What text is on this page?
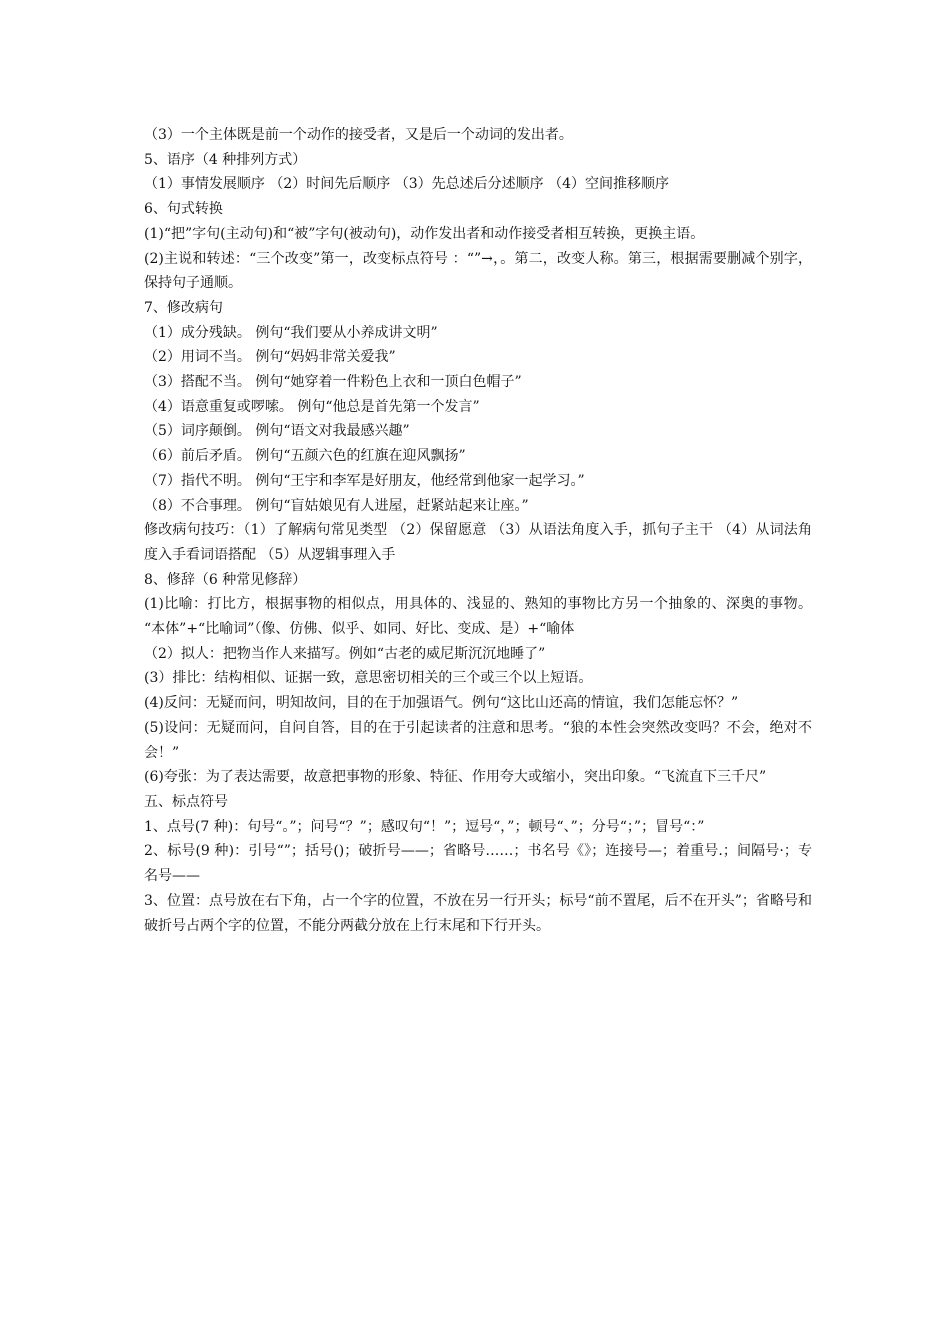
（3）一个主体既是前一个动作的接受者，又是后一个动词的发出者。

5、语序（4 种排列方式）

（1）事情发展顺序 （2）时间先后顺序 （3）先总述后分述顺序 （4）空间推移顺序

6、句式转换

(1)“把”字句(主动句)和“被”字句(被动句)，动作发出者和动作接受者相互转换，更换主语。

(2)主说和转述：“三个改变”第一，改变标点符号 ：“”→，。第二，改变人称。第三，根据需要删减个别字，保持句子通顺。

7、修改病句

（1）成分残缺。 例句“我们要从小养成讲文明”

（2）用词不当。 例句“妈妈非常关爱我”

（3）搭配不当。 例句“她穿着一件粉色上衣和一顶白色帽子”

（4）语意重复或啰嗦。 例句“他总是首先第一个发言”

（5）词序颠倒。 例句“语文对我最感兴趣”

（6）前后矛盾。 例句“五颜六色的红旗在迎风飘扬”

（7）指代不明。 例句“王宇和李军是好朋友，他经常到他家一起学习。”

（8）不合事理。 例句“盲姑娘见有人进屋，赶紧站起来让座。”

修改病句技巧：（1）了解病句常见类型 （2）保留愿意 （3）从语法角度入手，抓句子主干 （4）从词法角度入手看词语搭配 （5）从逻辑事理入手

8、修辞（6 种常见修辞）

(1)比喻：打比方，根据事物的相似点，用具体的、浅显的、熟知的事物比方另一个抽象的、深奥的事物。 “本体”+“比喻词”（像、仿佛、似乎、如同、好比、变成、是）+“喻体

（2）拟人：把物当作人来描写。例如“古老的威尼斯沉沉地睡了”

(3）排比：结构相似、证据一致，意思密切相关的三个或三个以上短语。

(4)反问：无疑而问，明知故问，目的在于加强语气。例句“这比山还高的情谊，我们怎能忘怀？”

(5)设问：无疑而问，自问自答，目的在于引起读者的注意和思考。“狼的本性会突然改变吗？不会，绝对不会！”

(6)夸张：为了表达需要，故意把事物的形象、特征、作用夸大或缩小，突出印象。“飞流直下三千尺”

五、标点符号

1、点号(7 种)：句号“。”；问号“？”；感叹句“！”；逗号“，”；顿号“、”；分号“；”；冒号“：”

2、标号(9 种)：引号“”；括号()；破折号——；省略号……；书名号《》；连接号—；着重号.；间隔号·；专名号——

3、位置：点号放在右下角，占一个字的位置，不放在另一行开头；标号“前不置尾，后不在开头”；省略号和破折号占两个字的位置，不能分两截分放在上行末尾和下行开头。
